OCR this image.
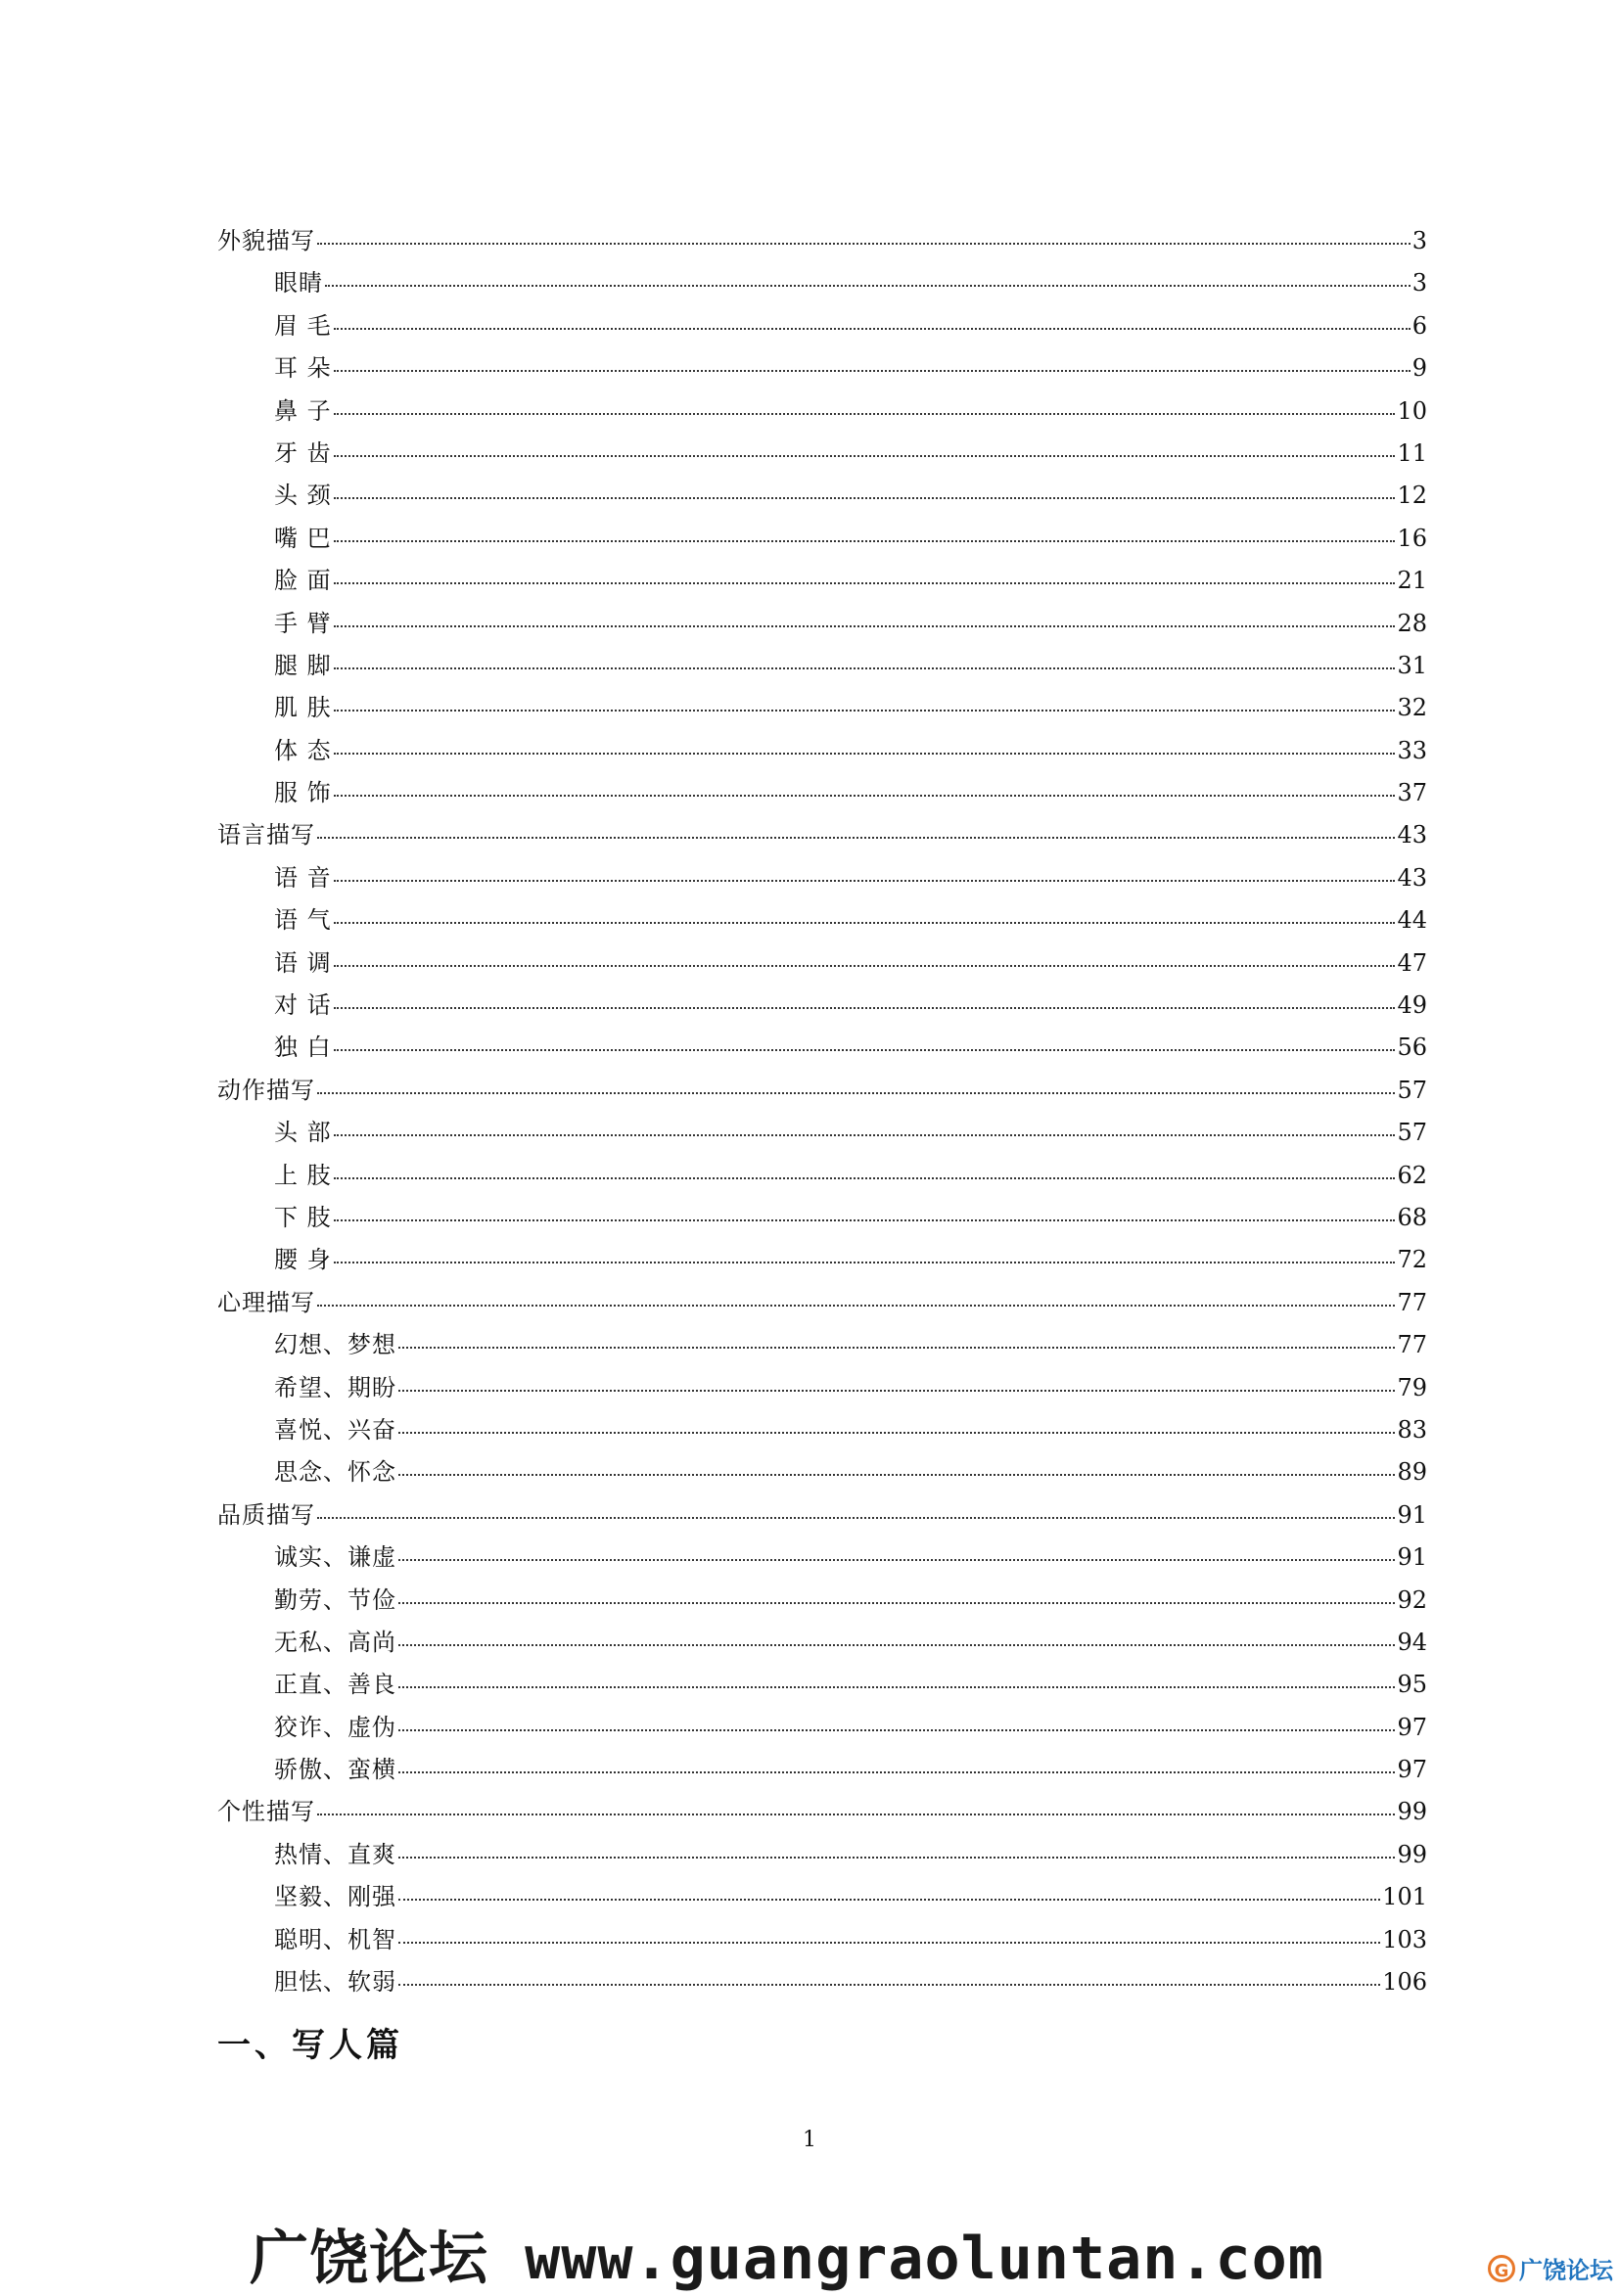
外貌描写	3
眼睛	3
眉 毛	6
耳 朵	9
鼻 子	10
牙 齿	11
头 颈	12
嘴 巴	16
脸 面	21
手 臂	28
腿 脚	31
肌 肤	32
体 态	33
服 饰	37
语言描写	43
语 音	43
语 气	44
语 调	47
对 话	49
独 白	56
动作描写	57
头 部	57
上 肢	62
下 肢	68
腰 身	72
心理描写	77
幻想、梦想	77
希望、期盼	79
喜悦、兴奋	83
思念、怀念	89
品质描写	91
诚实、谦虚	91
勤劳、节俭	92
无私、高尚	94
正直、善良	95
狡诈、虚伪	97
骄傲、蛮横	97
个性描写	99
热情、直爽	99
坚毅、刚强	101
聪明、机智	103
胆怯、软弱	106
一、写人篇
1
广饶论坛 www.guangraoluntan.com	G 广饶论坛
